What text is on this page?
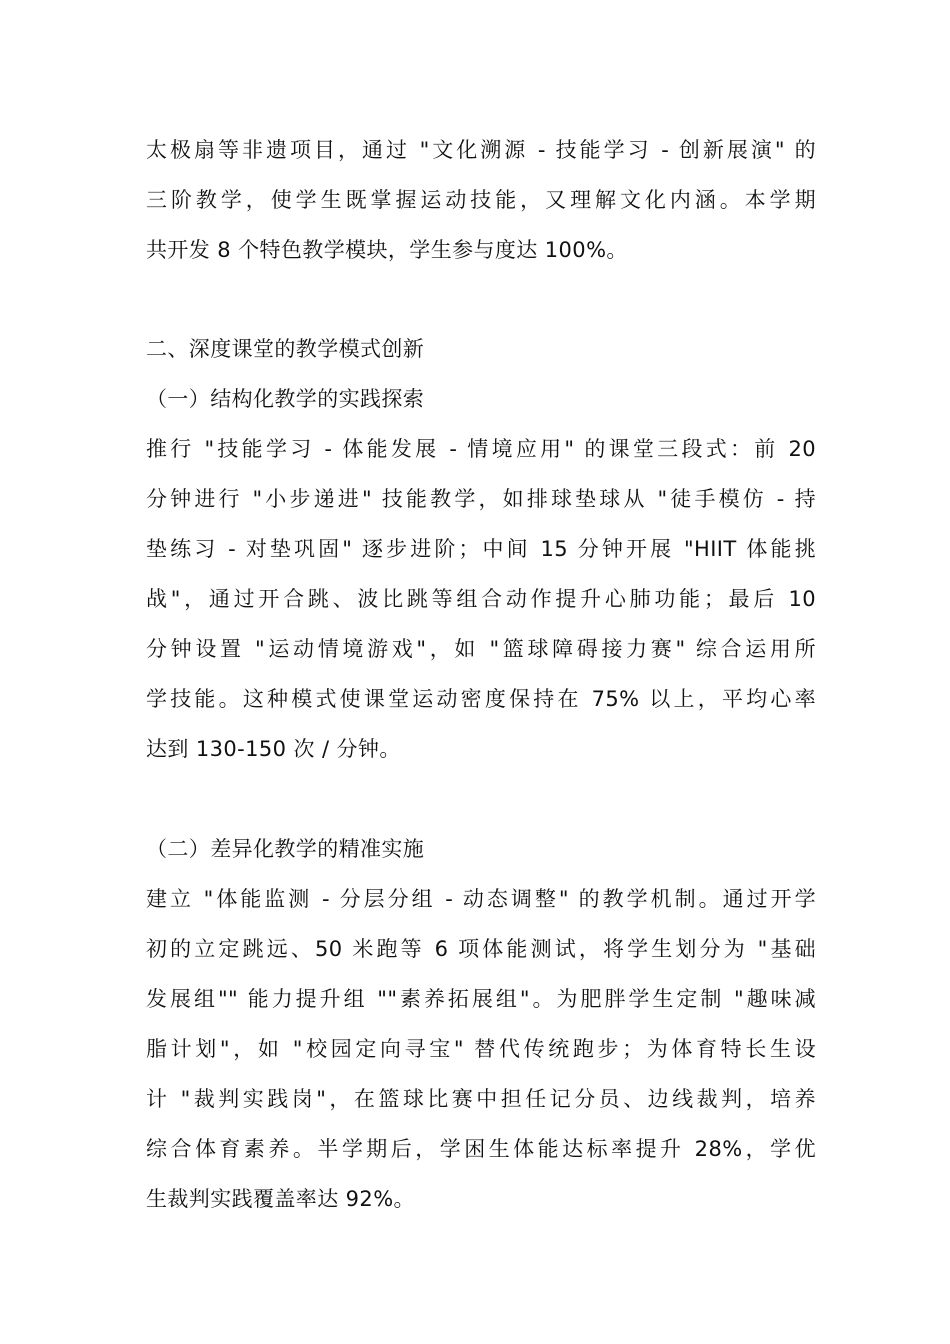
太极扇等非遗项目，通过 "文化溯源 - 技能学习 - 创新展演" 的
三阶教学，使学生既掌握运动技能，又理解文化内涵。本学期
共开发 8 个特色教学模块，学生参与度达 100%。
二、深度课堂的教学模式创新
（一）结构化教学的实践探索
推行 "技能学习 - 体能发展 - 情境应用" 的课堂三段式：前 20
分钟进行 "小步递进" 技能教学，如排球垫球从 "徒手模仿 - 持
垫练习 - 对垫巩固" 逐步进阶；中间 15 分钟开展 "HIIT 体能挑
战"，通过开合跳、波比跳等组合动作提升心肺功能；最后 10
分钟设置 "运动情境游戏"，如 "篮球障碍接力赛" 综合运用所
学技能。这种模式使课堂运动密度保持在 75% 以上，平均心率
达到 130-150 次 / 分钟。
（二）差异化教学的精准实施
建立 "体能监测 - 分层分组 - 动态调整" 的教学机制。通过开学
初的立定跳远、50 米跑等 6 项体能测试，将学生划分为 "基础
发展组"" 能力提升组 ""素养拓展组"。为肥胖学生定制 "趣味减
脂计划"，如 "校园定向寻宝" 替代传统跑步；为体育特长生设
计 "裁判实践岗"，在篮球比赛中担任记分员、边线裁判，培养
综合体育素养。半学期后，学困生体能达标率提升 28%，学优
生裁判实践覆盖率达 92%。
